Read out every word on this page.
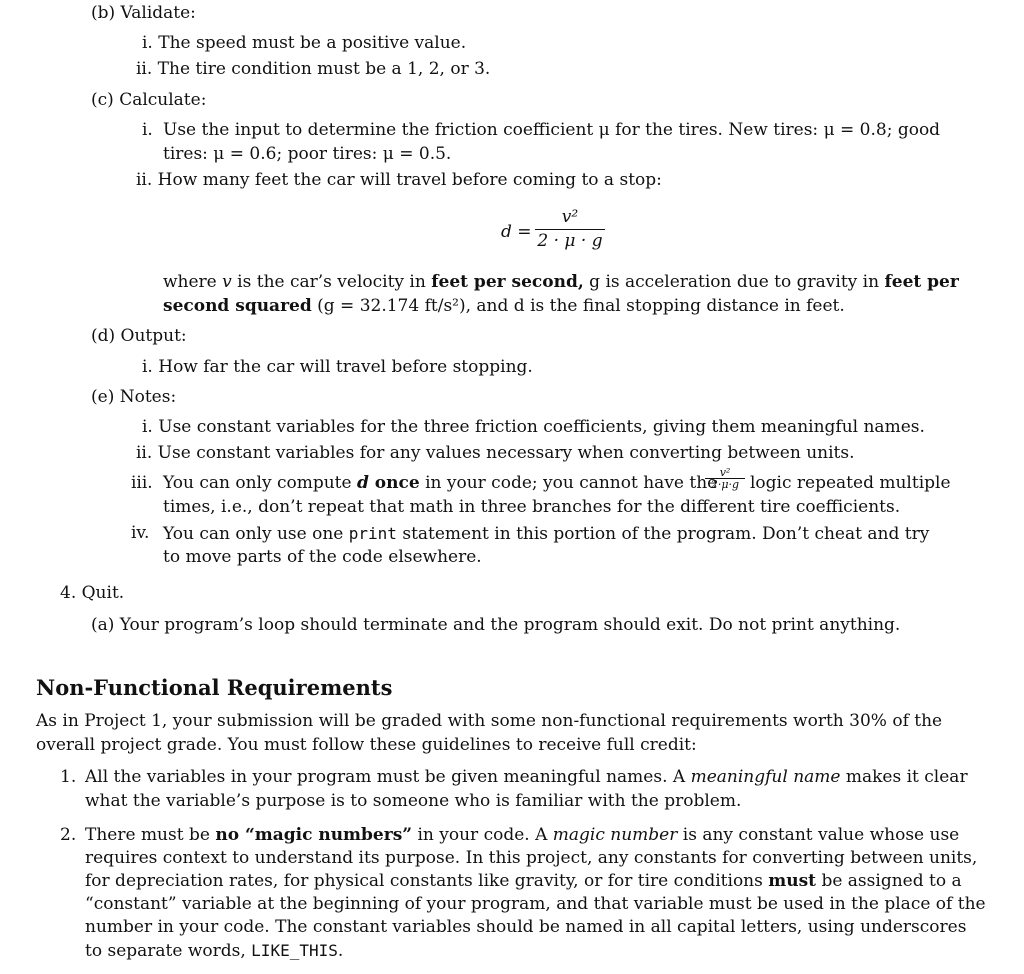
(b) Validate:
i. The speed must be a positive value.
ii. The tire condition must be a 1, 2, or 3.
(c) Calculate:
i. Use the input to determine the friction coefficient μ for the tires. New tires: μ = 0.8; good
tires: μ = 0.6; poor tires: μ = 0.5.
ii. How many feet the car will travel before coming to a stop:
$d = \frac{\text{v²}}{2 \cdot \mu \cdot g}$
where v is the car’s velocity in feet per second, g is acceleration due to gravity in feet per
second squared (g = 32.174 ft/s²), and d is the final stopping distance in feet.
(d) Output:
i. How far the car will travel before stopping.
(e) Notes:
i. Use constant variables for the three friction coefficients, giving them meaningful names.
ii. Use constant variables for any values necessary when converting between units.
iii. You can only compute d once in your code; you cannot have the
$\frac{\text{v²}}{2\cdot\mu\cdot g}$ logic repeated multiple
times, i.e., don’t repeat that math in three branches for the different tire coefficients.
iv. You can only use one print statement in this portion of the program. Don’t cheat and try
to move parts of the code elsewhere.
4. Quit.
(a) Your program’s loop should terminate and the program should exit. Do not print anything.
Non-Functional Requirements
As in Project 1, your submission will be graded with some non-functional requirements worth 30% of the
overall project grade. You must follow these guidelines to receive full credit:
1. All the variables in your program must be given meaningful names. A meaningful name makes it clear
what the variable’s purpose is to someone who is familiar with the problem.
2. There must be no “magic numbers” in your code. A magic number is any constant value whose use
requires context to understand its purpose. In this project, any constants for converting between units,
for depreciation rates, for physical constants like gravity, or for tire conditions must be assigned to a
“constant” variable at the beginning of your program, and that variable must be used in the place of the
number in your code. The constant variables should be named in all capital letters, using underscores
to separate words, LIKE_THIS.
